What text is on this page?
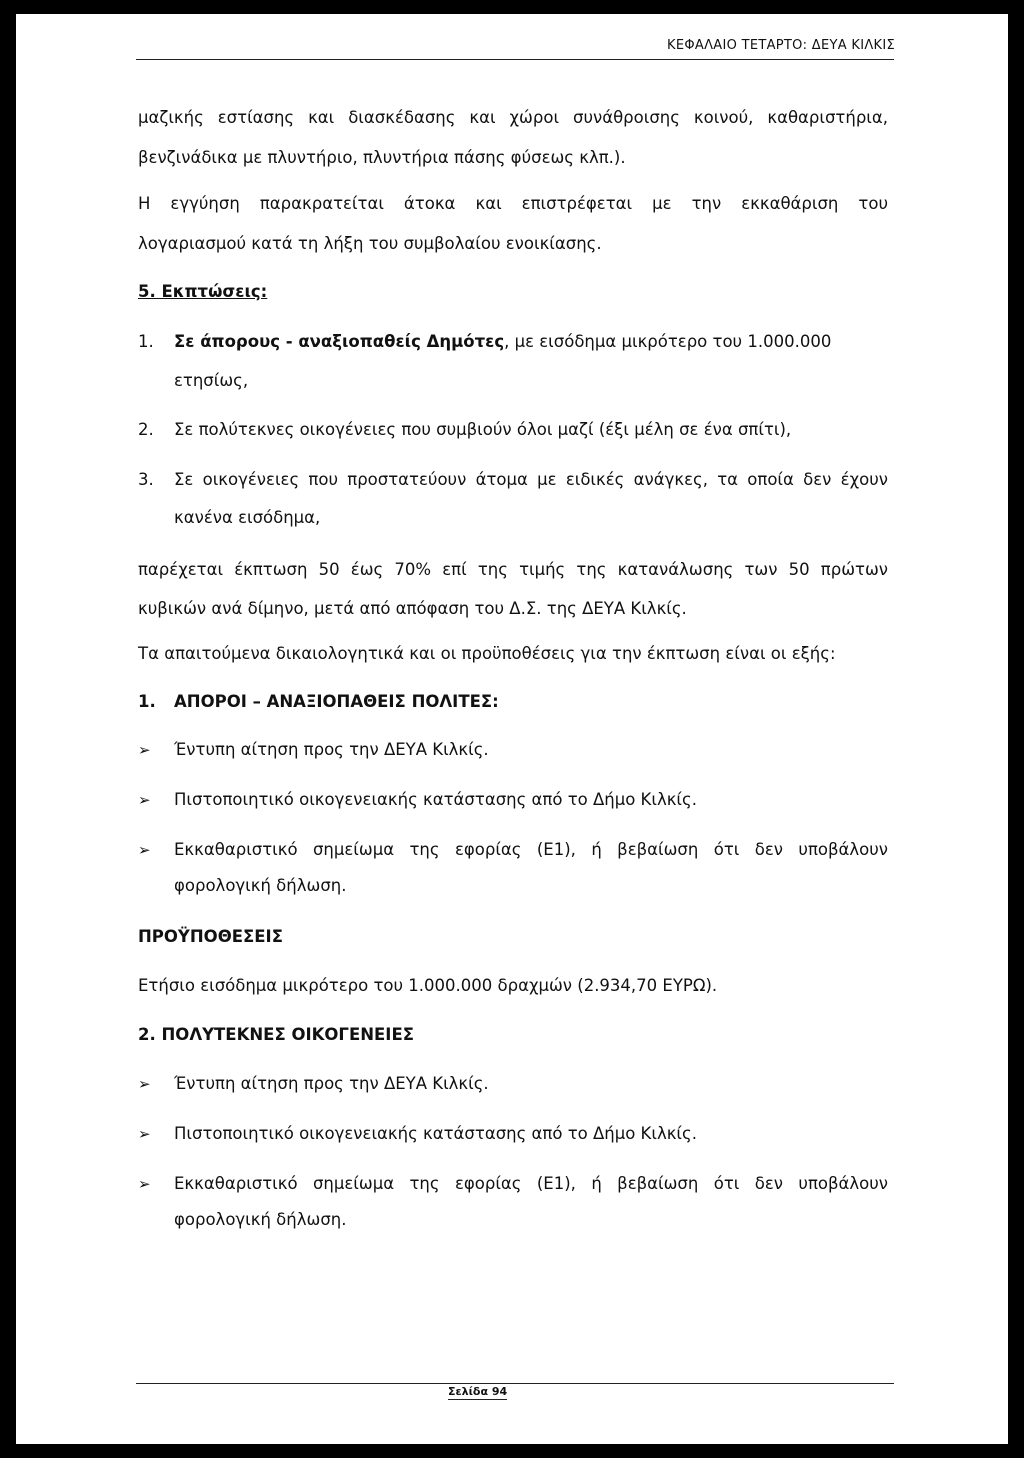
ΚΕΦΑΛΑΙΟ ΤΕΤΑΡΤΟ: ΔΕΥΑ ΚΙΛΚΙΣ
μαζικής εστίασης και διασκέδασης και χώροι συνάθροισης κοινού, καθαριστήρια,
βενζινάδικα με πλυντήριο, πλυντήρια πάσης φύσεως κλπ.).
Η εγγύηση παρακρατείται άτοκα και επιστρέφεται με την εκκαθάριση του
λογαριασμού κατά τη λήξη του συμβολαίου ενοικίασης.
5. Εκπτώσεις:
1. Σε άπορους - αναξιοπαθείς Δημότες, με εισόδημα μικρότερο του 1.000.000
ετησίως,
2. Σε πολύτεκνες οικογένειες που συμβιούν όλοι μαζί (έξι μέλη σε ένα σπίτι),
3. Σε οικογένειες που προστατεύουν άτομα με ειδικές ανάγκες, τα οποία δεν έχουν
κανένα εισόδημα,
παρέχεται έκπτωση 50 έως 70% επί της τιμής της κατανάλωσης των 50 πρώτων
κυβικών ανά δίμηνο, μετά από απόφαση του Δ.Σ. της ΔΕΥΑ Κιλκίς.
Τα απαιτούμενα δικαιολογητικά και οι προϋποθέσεις για την έκπτωση είναι οι εξής:
1. ΑΠΟΡΟΙ – ΑΝΑΞΙΟΠΑΘΕΙΣ ΠΟΛΙΤΕΣ:
➢ Έντυπη αίτηση προς την ΔΕΥΑ Κιλκίς.
➢ Πιστοποιητικό οικογενειακής κατάστασης από το Δήμο Κιλκίς.
➢ Εκκαθαριστικό σημείωμα της εφορίας (Ε1), ή βεβαίωση ότι δεν υποβάλουν
φορολογική δήλωση.
ΠΡΟΫΠΟΘΕΣΕΙΣ
Ετήσιο εισόδημα μικρότερο του 1.000.000 δραχμών (2.934,70 ΕΥΡΩ).
2. ΠΟΛΥΤΕΚΝΕΣ ΟΙΚΟΓΕΝΕΙΕΣ
➢ Έντυπη αίτηση προς την ΔΕΥΑ Κιλκίς.
➢ Πιστοποιητικό οικογενειακής κατάστασης από το Δήμο Κιλκίς.
➢ Εκκαθαριστικό σημείωμα της εφορίας (Ε1), ή βεβαίωση ότι δεν υποβάλουν
φορολογική δήλωση.
Σελίδα 94
